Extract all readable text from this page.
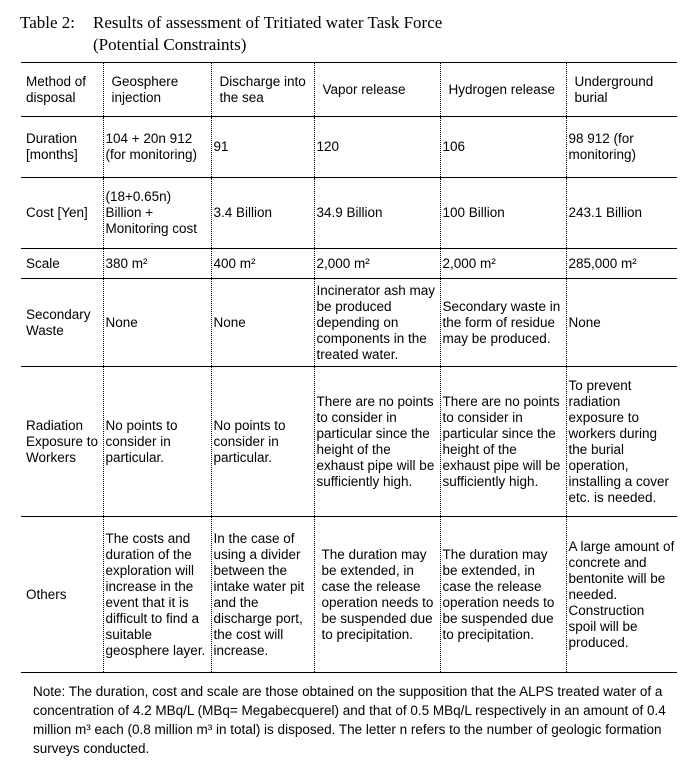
Table 2: Results of assessment of Tritiated water Task Force
(Potential Constraints)
Method of disposal	Geosphere injection	Discharge into the sea	Vapor release	Hydrogen release	Underground burial
Duration [months]	104 + 20n 912 (for monitoring)	91	120	106	98 912 (for monitoring)
Cost [Yen]	(18+0.65n) Billion + Monitoring cost	3.4 Billion	34.9 Billion	100 Billion	243.1 Billion
Scale	380 m²	400 m²	2,000 m²	2,000 m²	285,000 m²
Secondary Waste	None	None	Incinerator ash may be produced depending on components in the treated water.	Secondary waste in the form of residue may be produced.	None
Radiation Exposure to Workers	No points to consider in particular.	No points to consider in particular.	There are no points to consider in particular since the height of the exhaust pipe will be sufficiently high.	There are no points to consider in particular since the height of the exhaust pipe will be sufficiently high.	To prevent radiation exposure to workers during the burial operation, installing a cover etc. is needed.
Others	The costs and duration of the exploration will increase in the event that it is difficult to find a suitable geosphere layer.	In the case of using a divider between the intake water pit and the discharge port, the cost will increase.	The duration may be extended, in case the release operation needs to be suspended due to precipitation.	The duration may be extended, in case the release operation needs to be suspended due to precipitation.	A large amount of concrete and bentonite will be needed. Construction spoil will be produced.
Note: The duration, cost and scale are those obtained on the supposition that the ALPS treated water of a concentration of 4.2 MBq/L (MBq= Megabecquerel) and that of 0.5 MBq/L respectively in an amount of 0.4 million m³ each (0.8 million m³ in total) is disposed. The letter n refers to the number of geologic formation surveys conducted.
